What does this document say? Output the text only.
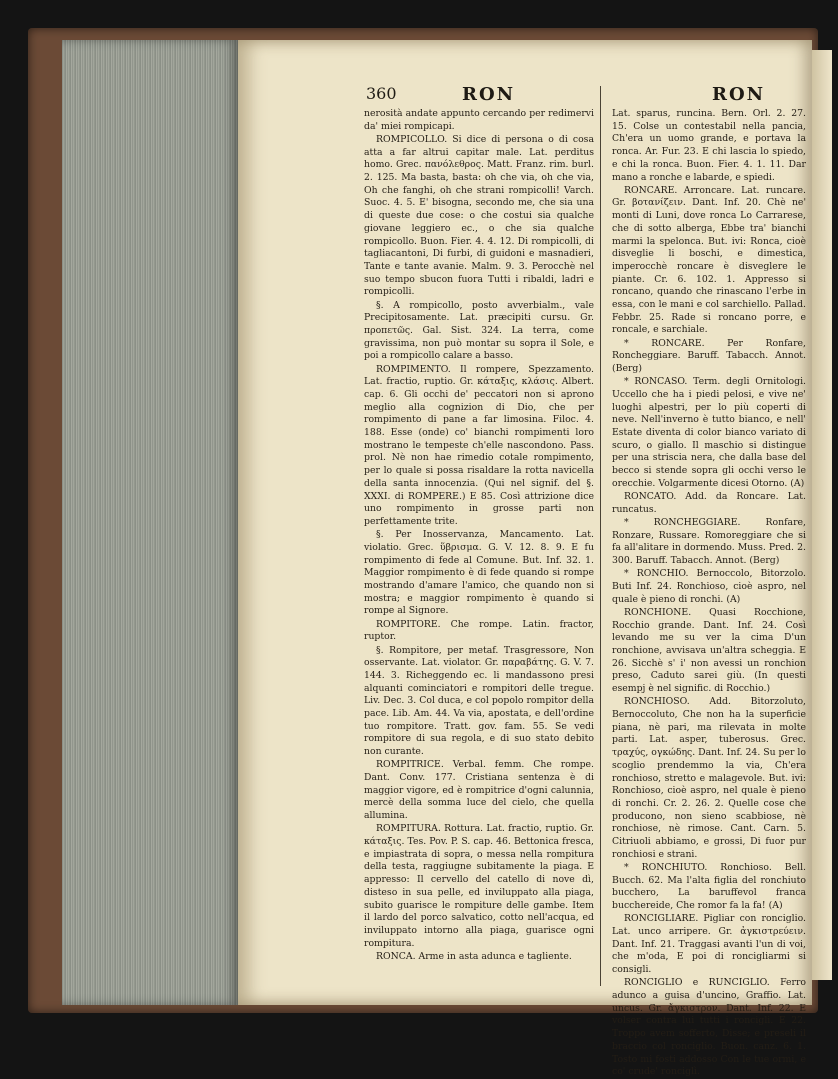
360	RON	RON

nerosità andate appunto cercando per redimervi da' miei rompicapi.

ROMPICOLLO. Si dice di persona o di cosa atta a far altrui capitar male. Lat. perditus homo. Grec. πανόλεθρος. Matt. Franz. rim. burl. 2. 125. Ma basta, basta: oh che via, oh che via, Oh che fanghi, oh che strani rompicolli! Varch. Suoc. 4. 5. E' bisogna, secondo me, che sia una di queste due cose: o che costui sia qualche giovane leggiero ec., o che sia qualche rompicollo. Buon. Fier. 4. 4. 12. Di rompicolli, di tagliacantoni, Di furbi, di guidoni e masnadieri, Tante e tante avanie. Malm. 9. 3. Perocchè nel suo tempo sbucon fuora Tutti i ribaldi, ladri e rompicolli.

§. A rompicollo, posto avverbialm., vale Precipitosamente. Lat. præcipiti cursu. Gr. προπετῶς. Gal. Sist. 324. La terra, come gravissima, non può montar su sopra il Sole, e poi a rompicollo calare a basso.

ROMPIMENTO. Il rompere, Spezzamento. Lat. fractio, ruptio. Gr. κάταξις, κλάσις. Albert. cap. 6. Gli occhi de' peccatori non si aprono meglio alla cognizion di Dio, che per rompimento di pane a far limosina. Filoc. 4. 188. Esse (onde) co' bianchi rompimenti loro mostrano le tempeste ch'elle nascondono. Pass. prol. Nè non hae rimedio cotale rompimento, per lo quale si possa risaldare la rotta navicella della santa innocenzia. (Qui nel signif. del §. XXXI. di ROMPERE.) E 85. Così attrizione dice uno rompimento in grosse parti non perfettamente trite.

§. Per Inosservanza, Mancamento. Lat. violatio. Grec. ὕβρισμα. G. V. 12. 8. 9. E fu rompimento di fede al Comune. But. Inf. 32. 1. Maggior rompimento è di fede quando si rompe mostrando d'amare l'amico, che quando non si mostra; e maggior rompimento è quando si rompe al Signore.

ROMPITORE. Che rompe. Latin. fractor, ruptor.

§. Rompitore, per metaf. Trasgressore, Non osservante. Lat. violator. Gr. παραβάτης. G. V. 7. 144. 3. Richeggendo ec. li mandassono presi alquanti cominciatori e rompitori delle tregue. Liv. Dec. 3. Col duca, e col popolo rompitor della pace. Lib. Am. 44. Va via, apostata, e dell'ordine tuo rompitore. Tratt. gov. fam. 55. Se vedi rompitore di sua regola, e di suo stato debito non curante.

ROMPITRICE. Verbal. femm. Che rompe. Dant. Conv. 177. Cristiana sentenza è di maggior vigore, ed è rompitrice d'ogni calunnia, mercè della somma luce del cielo, che quella allumina.

ROMPITURA. Rottura. Lat. fractio, ruptio. Gr. κάταξις. Tes. Pov. P. S. cap. 46. Bettonica fresca, e impiastrata di sopra, o messa nella rompitura della testa, raggiugne subitamente la piaga. E appresso: Il cervello del catello di nove dì, disteso in sua pelle, ed inviluppato alla piaga, subito guarisce le rompiture delle gambe. Item il lardo del porco salvatico, cotto nell'acqua, ed inviluppato intorno alla piaga, guarisce ogni rompitura.

RONCA. Arme in asta adunca e tagliente.

Lat. sparus, runcina. Bern. Orl. 2. 27. 15. Colse un contestabil nella pancia, Ch'era un uomo grande, e portava la ronca. Ar. Fur. 23. E chi lascia lo spiedo, e chi la ronca. Buon. Fier. 4. 1. 11. Dar mano a ronche e labarde, e spiedi.

RONCARE. Arroncare. Lat. runcare. Gr. βοτανίζειν. Dant. Inf. 20. Chè ne' monti di Luni, dove ronca Lo Carrarese, che di sotto alberga, Ebbe tra' bianchi marmi la spelonca. But. ivi: Ronca, cioè disveglie li boschi, e dimestica, imperocchè roncare è disveglere le piante. Cr. 6. 102. 1. Appresso si roncano, quando che rinascano l'erbe in essa, con le mani e col sarchiello. Pallad. Febbr. 25. Rade si roncano porre, e roncale, e sarchiale.

* RONCARE. Per Ronfare, Roncheggiare. Baruff. Tabacch. Annot. (Berg)

* RONCASO. Term. degli Ornitologi. Uccello che ha i piedi pelosi, e vive ne' luoghi alpestri, per lo più coperti di neve. Nell'inverno è tutto bianco, e nell' Estate diventa di color bianco variato di scuro, o giallo. Il maschio si distingue per una striscia nera, che dalla base del becco si stende sopra gli occhi verso le orecchie. Volgarmente dicesi Otorno. (A)

RONCATO. Add. da Roncare. Lat. runcatus.

* RONCHEGGIARE. Ronfare, Ronzare, Russare. Romoreggiare che si fa all'alitare in dormendo. Muss. Pred. 2. 300. Baruff. Tabacch. Annot. (Berg)

* RONCHIO. Bernoccolo, Bitorzolo. Buti Inf. 24. Ronchioso, cioè aspro, nel quale è pieno di ronchi. (A)

RONCHIONE. Quasi Rocchione, Rocchio grande. Dant. Inf. 24. Così levando me su ver la cima D'un ronchione, avvisava un'altra scheggia. E 26. Sicchè s' i' non avessi un ronchion preso, Caduto sarei giù. (In questi esempj è nel signific. di Rocchio.)

RONCHIOSO. Add. Bitorzoluto, Bernoccoluto, Che non ha la superficie piana, nè pari, ma rilevata in molte parti. Lat. asper, tuberosus. Grec. τραχύς, ογκώδης. Dant. Inf. 24. Su per lo scoglio prendemmo la via, Ch'era ronchioso, stretto e malagevole. But. ivi: Ronchioso, cioè aspro, nel quale è pieno di ronchi. Cr. 2. 26. 2. Quelle cose che producono, non sieno scabbiose, nè ronchiose, nè rimose. Cant. Carn. 5. Citriuoli abbiamo, e grossi, Di fuor pur ronchiosi e strani.

* RONCHIUTO. Ronchioso. Bell. Bucch. 62. Ma l'alta figlia del ronchiuto bucchero, La baruffevol franca bucchereide, Che romor fa la fa! (A)

RONCIGLIARE. Pigliar con ronciglio. Lat. unco arripere. Gr. ἀγκιστρεύειν. Dant. Inf. 21. Traggasi avanti l'un di voi, che m'oda, E poi di roncigliarmi si consigli.

RONCIGLIO e RUNCIGLIO. Ferro adunco a guisa d'uncino, Graffio. Lat. uncus. Gr. ἄγκιστρον. Dant. Inf. 22. E volser contra lui tutti i roncigli. E 22. Troppo avem sofferto, Disse; e preseli il braccio col ronciglio. Buon. canz. 6. 1. Tosto mi fosti addosso Con le tue ormi, e co' crude' ronciglì.
